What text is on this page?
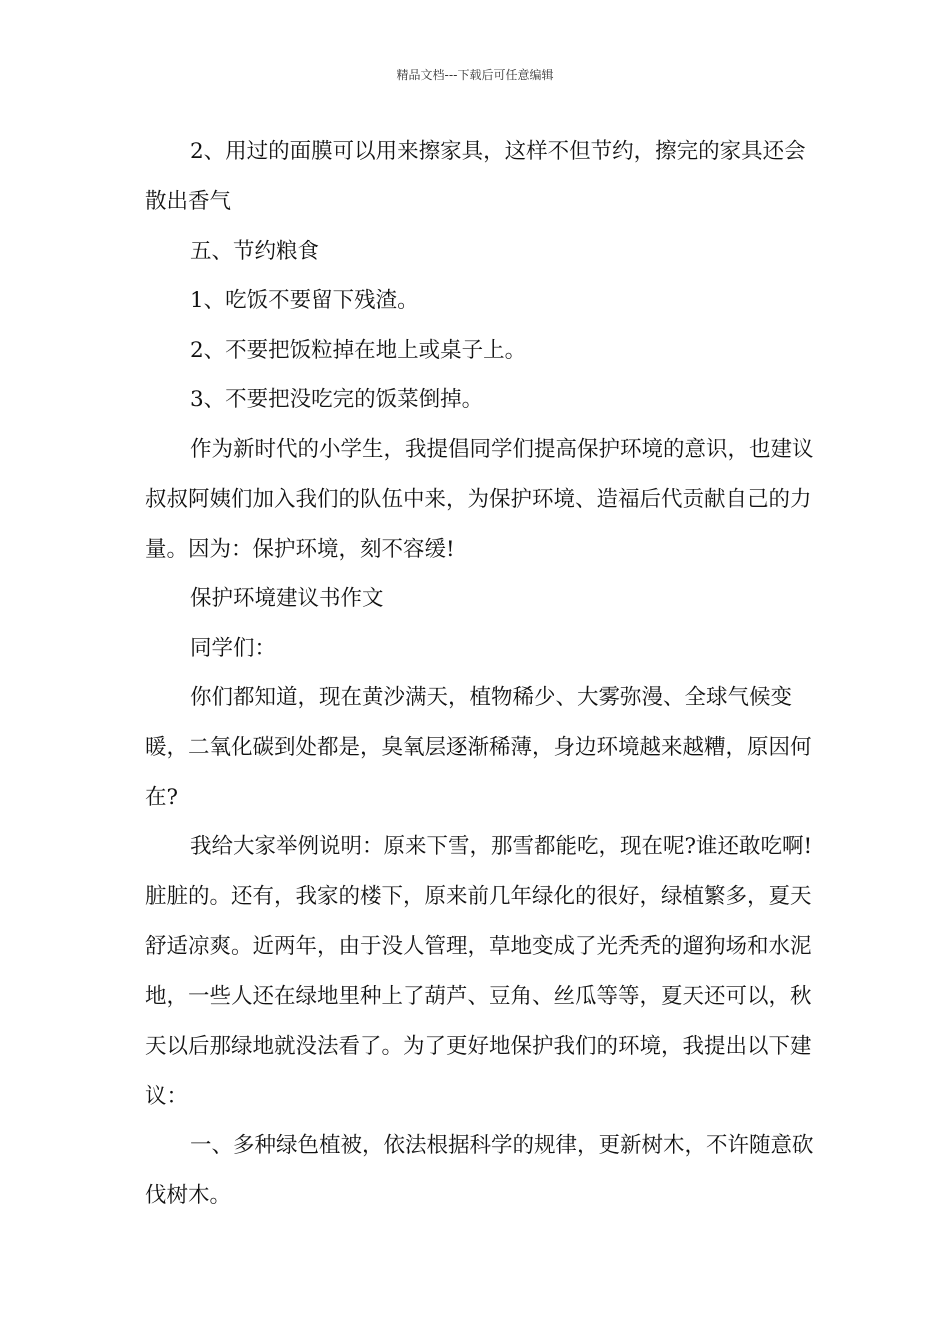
精品文档---下载后可任意编辑

2、用过的面膜可以用来擦家具，这样不但节约，擦完的家具还会散出香气

五、节约粮食

1、吃饭不要留下残渣。

2、不要把饭粒掉在地上或桌子上。

3、不要把没吃完的饭菜倒掉。

作为新时代的小学生，我提倡同学们提高保护环境的意识，也建议叔叔阿姨们加入我们的队伍中来，为保护环境、造福后代贡献自己的力量。因为：保护环境，刻不容缓!

保护环境建议书作文

同学们：

你们都知道，现在黄沙满天，植物稀少、大雾弥漫、全球气候变暖，二氧化碳到处都是，臭氧层逐渐稀薄，身边环境越来越糟，原因何在?

我给大家举例说明：原来下雪，那雪都能吃，现在呢?谁还敢吃啊!脏脏的。还有，我家的楼下，原来前几年绿化的很好，绿植繁多，夏天舒适凉爽。近两年，由于没人管理，草地变成了光秃秃的遛狗场和水泥地，一些人还在绿地里种上了葫芦、豆角、丝瓜等等，夏天还可以，秋天以后那绿地就没法看了。为了更好地保护我们的环境，我提出以下建议：

一、多种绿色植被，依法根据科学的规律，更新树木，不许随意砍伐树木。
